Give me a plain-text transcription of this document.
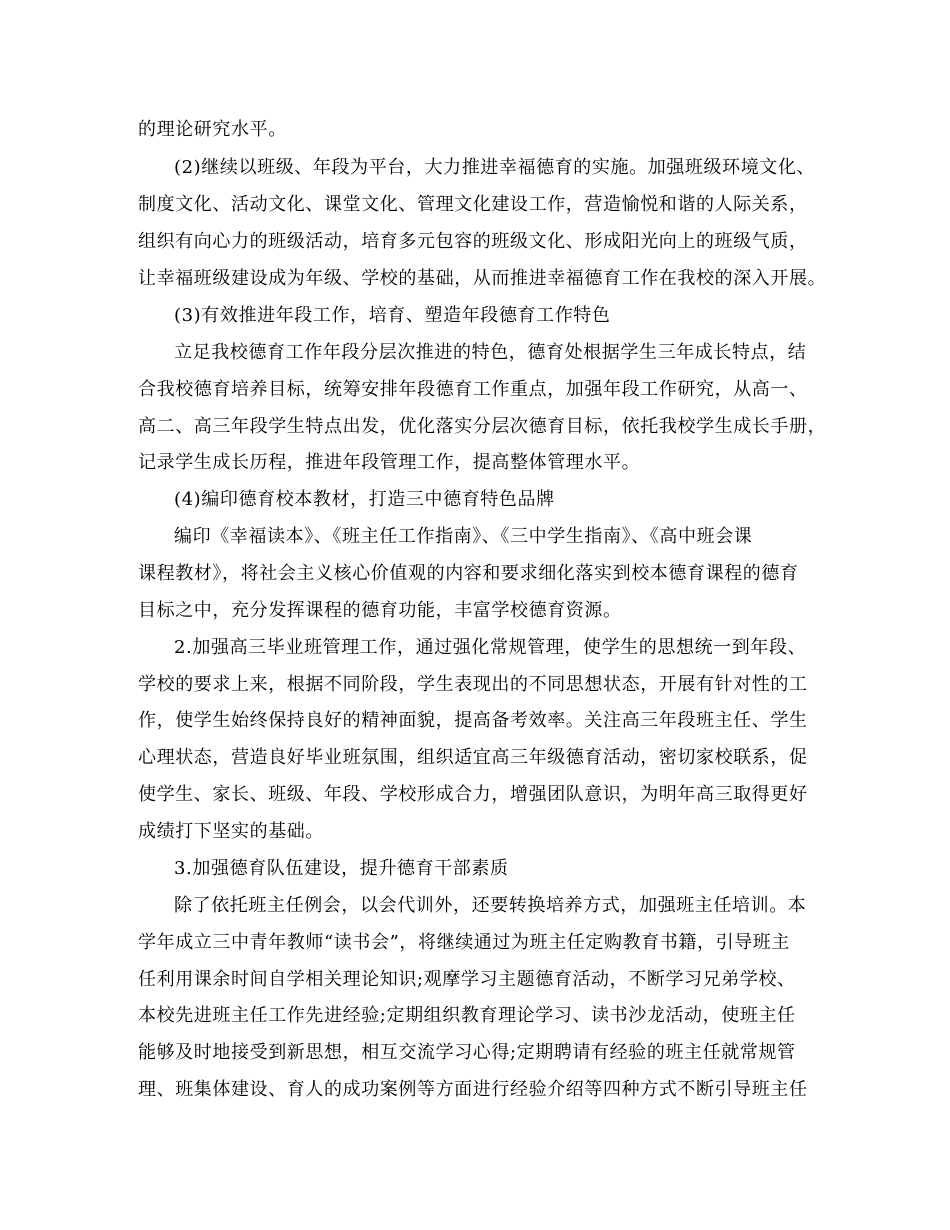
的理论研究水平。
(2)继续以班级、年段为平台，大力推进幸福德育的实施。加强班级环境文化、
制度文化、活动文化、课堂文化、管理文化建设工作，营造愉悦和谐的人际关系，
组织有向心力的班级活动，培育多元包容的班级文化、形成阳光向上的班级气质，
让幸福班级建设成为年级、学校的基础，从而推进幸福德育工作在我校的深入开展。
(3)有效推进年段工作，培育、塑造年段德育工作特色
立足我校德育工作年段分层次推进的特色，德育处根据学生三年成长特点，结
合我校德育培养目标，统筹安排年段德育工作重点，加强年段工作研究，从高一、
高二、高三年段学生特点出发，优化落实分层次德育目标，依托我校学生成长手册，
记录学生成长历程，推进年段管理工作，提高整体管理水平。
(4)编印德育校本教材，打造三中德育特色品牌
编印《幸福读本》、《班主任工作指南》、《三中学生指南》、《高中班会课
课程教材》，将社会主义核心价值观的内容和要求细化落实到校本德育课程的德育
目标之中，充分发挥课程的德育功能，丰富学校德育资源。
2.加强高三毕业班管理工作，通过强化常规管理，使学生的思想统一到年段、
学校的要求上来，根据不同阶段，学生表现出的不同思想状态，开展有针对性的工
作，使学生始终保持良好的精神面貌，提高备考效率。关注高三年段班主任、学生
心理状态，营造良好毕业班氛围，组织适宜高三年级德育活动，密切家校联系，促
使学生、家长、班级、年段、学校形成合力，增强团队意识，为明年高三取得更好
成绩打下坚实的基础。
3.加强德育队伍建设，提升德育干部素质
除了依托班主任例会，以会代训外，还要转换培养方式，加强班主任培训。本
学年成立三中青年教师“读书会”，将继续通过为班主任定购教育书籍，引导班主
任利用课余时间自学相关理论知识;观摩学习主题德育活动，不断学习兄弟学校、
本校先进班主任工作先进经验;定期组织教育理论学习、读书沙龙活动，使班主任
能够及时地接受到新思想，相互交流学习心得;定期聘请有经验的班主任就常规管
理、班集体建设、育人的成功案例等方面进行经验介绍等四种方式不断引导班主任
